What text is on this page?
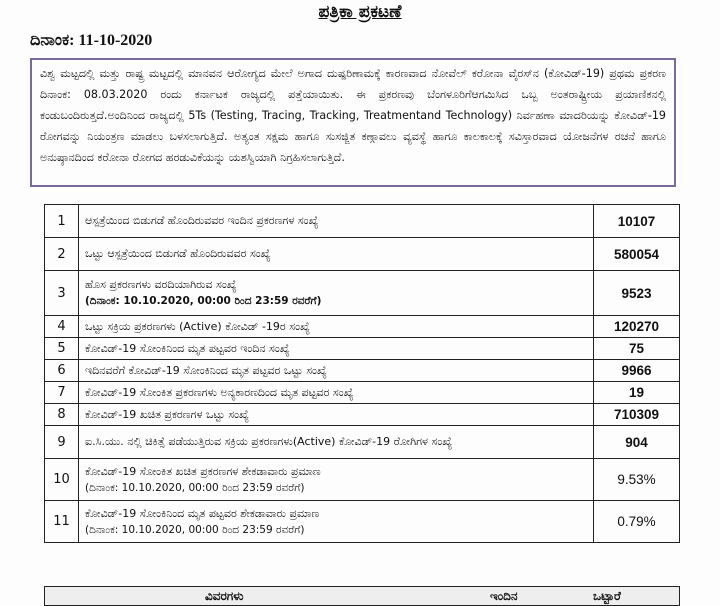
ಪತ್ರಿಕಾ ಪ್ರಕಟಣೆ
ದಿನಾಂಕ: 11-10-2020
ವಿಶ್ವ ಮಟ್ಟದಲ್ಲಿ ಮತ್ತು ರಾಷ್ಟ್ರ ಮಟ್ಟದಲ್ಲಿ ಮಾನವನ ಆರೋಗ್ಯದ ಮೇಲೆ ಅಗಾದ ದುಷ್ಪರಿಣಾಮಕ್ಕೆ ಕಾರಣವಾದ ನೋವೆಲ್ ಕರೋನಾ ವೈರಸ್‌ನ (ಕೋವಿಡ್-19) ಪ್ರಥಮ ಪ್ರಕರಣ ದಿನಾಂಕ: 08.03.2020 ರಂದು ಕರ್ನಾಟಕ ರಾಜ್ಯದಲ್ಲಿ ಪತ್ತೆಯಾಯಿತು. ಈ ಪ್ರಕರಣವು ಬೆಂಗಳೂರಿಗೆಆಗಮಿಸಿದ ಒಬ್ಬ ಅಂತರಾಷ್ಟ್ರೀಯ ಪ್ರಯಾಣಿಕನಲ್ಲಿ ಕಂಡುಬಂದಿರುತ್ತದೆ.ಅಂದಿನಿಂದ ರಾಜ್ಯದಲ್ಲಿ 5Ts (Testing, Tracing, Tracking, Treatmentand Technology) ನಿರ್ವಹಣಾ ಮಾದರಿಯನ್ನು ಕೋವಿಡ್-19 ರೋಗವನ್ನು ನಿಯಂತ್ರಣ ಮಾಡಲು ಬಳಸಲಾಗುತ್ತಿದೆ. ಅತ್ಯಂತ ಸಕ್ಷಮ ಹಾಗೂ ಸುಸಜ್ಜಿತ ಕಣ್ಗಾವಲು ವ್ಯವಸ್ಥೆ ಹಾಗೂ ಕಾಲಕಾಲಕ್ಕೆ ಸವಿಸ್ತಾರವಾದ ಯೋಜನೆಗಳ ರಚನೆ ಹಾಗೂ ಅನುಷ್ಠಾನದಿಂದ ಕರೋನಾ ರೋಗದ ಹರಡುವಿಕೆಯನ್ನು ಯಶಸ್ವಿಯಾಗಿ ನಿಗ್ರಹಿಸಲಾಗುತ್ತಿದೆ.
1	ಆಸ್ಪತ್ರೆಯಿಂದ ಬಿಡುಗಡೆ ಹೊಂದಿರುವವರ ಇಂದಿನ ಪ್ರಕರಣಗಳ ಸಂಖ್ಯೆ	10107
2	ಒಟ್ಟು ಆಸ್ಪತ್ರೆಯಿಂದ ಬಿಡುಗಡೆ ಹೊಂದಿರುವವರ ಸಂಖ್ಯೆ	580054
3	ಹೊಸ ಪ್ರಕರಣಗಳು ವರದಿಯಾಗಿರುವ ಸಂಖ್ಯೆ
(ದಿನಾಂಕ: 10.10.2020, 00:00 ರಿಂದ 23:59 ರವರೆಗೆ)	9523
4	ಒಟ್ಟು ಸಕ್ರಿಯ ಪ್ರಕರಣಗಳು (Active) ಕೋವಿಡ್ -19ರ ಸಂಖ್ಯೆ	120270
5	ಕೋವಿಡ್-19 ಸೋಂಕಿನಿಂದ ಮೃತ ಪಟ್ಟವರ ಇಂದಿನ ಸಂಖ್ಯೆ	75
6	ಇದಿನವರೆಗೆ ಕೋವಿಡ್-19 ಸೋಂಕಿನಿಂದ ಮೃತ ಪಟ್ಟವರ ಒಟ್ಟು ಸಂಖ್ಯೆ	9966
7	ಕೋವಿಡ್-19 ಸೋಂಕಿತ ಪ್ರಕರಣಗಳು ಅನ್ಯಕಾರಣದಿಂದ ಮೃತ ಪಟ್ಟವರ ಸಂಖ್ಯೆ	19
8	ಕೋವಿಡ್-19 ಖಚಿತ ಪ್ರಕರಣಗಳ ಒಟ್ಟು ಸಂಖ್ಯೆ	710309
9	ಐ.ಸಿ.ಯು. ನಲ್ಲಿ ಚಿಕಿತ್ಸೆ ಪಡೆಯುತ್ತಿರುವ ಸಕ್ರಿಯ ಪ್ರಕರಣಗಳು(Active) ಕೋವಿಡ್-19 ರೋಗಿಗಳ ಸಂಖ್ಯೆ	904
10	ಕೋವಿಡ್-19 ಸೋಂಕಿತ ಖಚಿತ ಪ್ರಕರಣಗಳ ಶೇಕಡಾವಾರು ಪ್ರಮಾಣ
(ದಿನಾಂಕ: 10.10.2020, 00:00 ರಿಂದ 23:59 ರವರೆಗೆ)	9.53%
11	ಕೋವಿಡ್-19 ಸೋಂಕಿನಿಂದ ಮೃತ ಪಟ್ಟವರ ಶೇಕಡಾವಾರು ಪ್ರಮಾಣ
(ದಿನಾಂಕ: 10.10.2020, 00:00 ರಿಂದ 23:59 ರವರೆಗೆ)	0.79%
ವಿವರಗಳು	ಇಂದಿನ	ಒಟ್ಟಾರೆ
